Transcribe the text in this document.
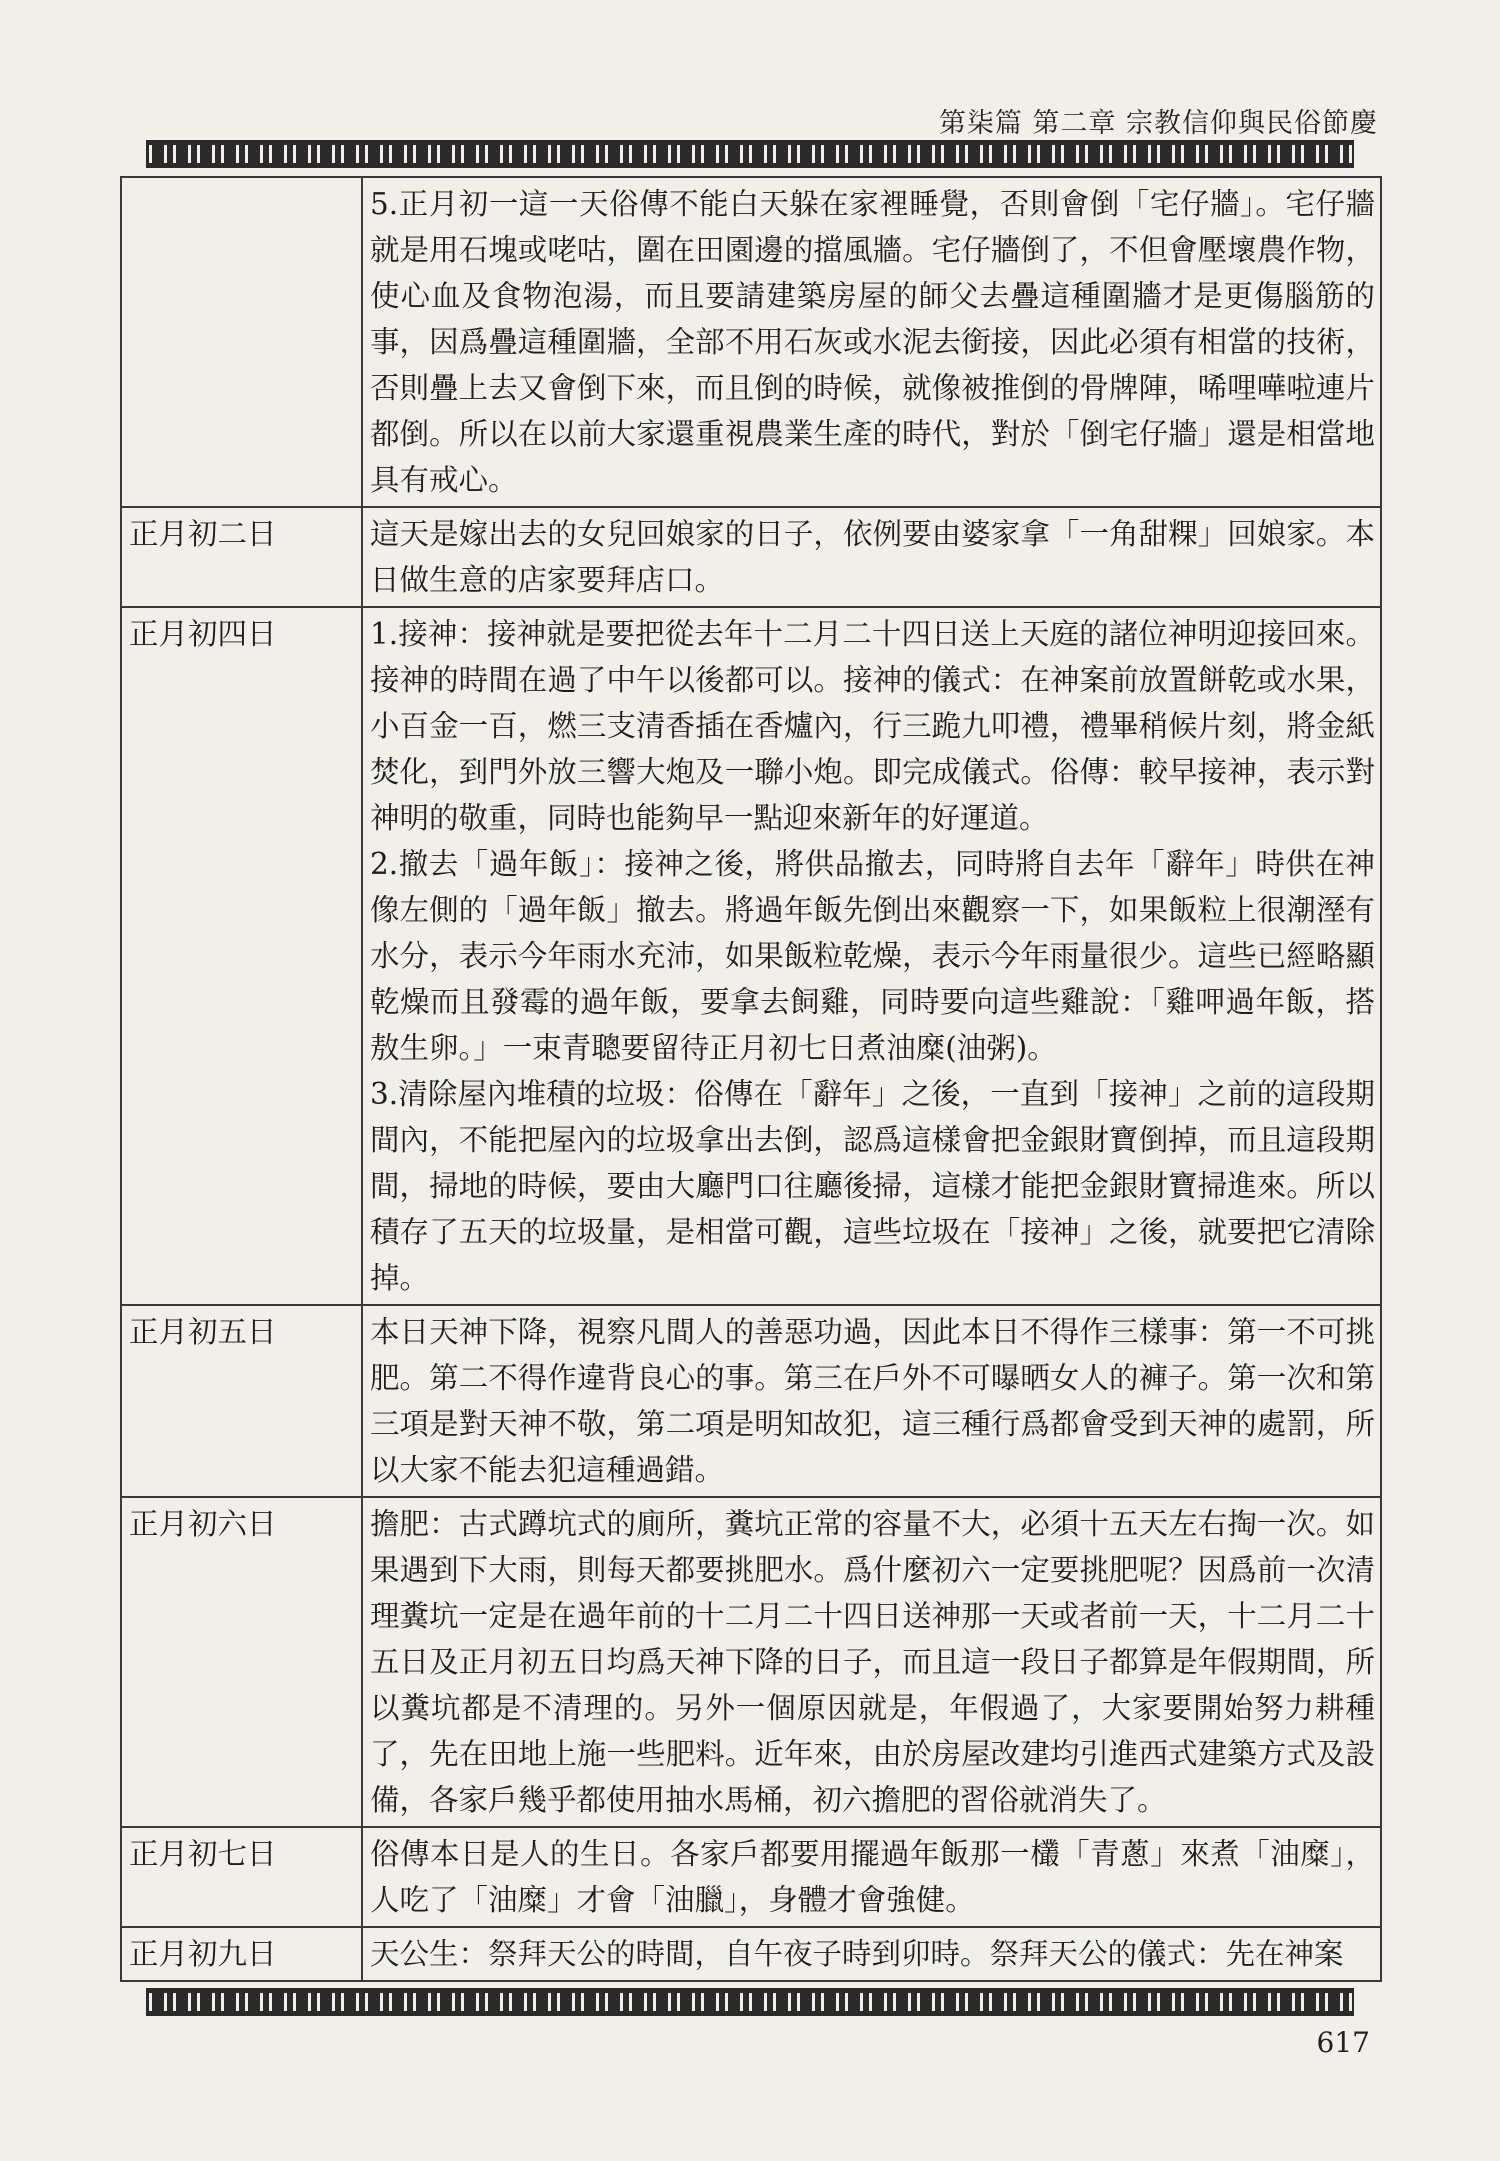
第柒篇 第二章 宗教信仰與民俗節慶

	5.正月初一這一天俗傳不能白天躲在家裡睡覺，否則會倒「宅仔牆」。宅仔牆就是用石塊或咾咕，圍在田園邊的擋風牆。宅仔牆倒了，不但會壓壞農作物，使心血及食物泡湯，而且要請建築房屋的師父去疊這種圍牆才是更傷腦筋的事，因爲疊這種圍牆，全部不用石灰或水泥去銜接，因此必須有相當的技術，否則疊上去又會倒下來，而且倒的時候，就像被推倒的骨牌陣，唏哩嘩啦連片都倒。所以在以前大家還重視農業生產的時代，對於「倒宅仔牆」還是相當地具有戒心。

正月初二日	這天是嫁出去的女兒回娘家的日子，依例要由婆家拿「一角甜粿」回娘家。本日做生意的店家要拜店口。

正月初四日	1.接神：接神就是要把從去年十二月二十四日送上天庭的諸位神明迎接回來。接神的時間在過了中午以後都可以。接神的儀式：在神案前放置餅乾或水果，小百金一百，燃三支清香插在香爐內，行三跪九叩禮，禮畢稍候片刻，將金紙焚化，到門外放三響大炮及一聯小炮。即完成儀式。俗傳：較早接神，表示對神明的敬重，同時也能夠早一點迎來新年的好運道。

2.撤去「過年飯」：接神之後，將供品撤去，同時將自去年「辭年」時供在神像左側的「過年飯」撤去。將過年飯先倒出來觀察一下，如果飯粒上很潮溼有水分，表示今年雨水充沛，如果飯粒乾燥，表示今年雨量很少。這些已經略顯乾燥而且發霉的過年飯，要拿去飼雞，同時要向這些雞說：「雞呷過年飯，搭敖生卵。」一束青聰要留待正月初七日煮油糜(油粥)。

3.清除屋內堆積的垃圾：俗傳在「辭年」之後，一直到「接神」之前的這段期間內，不能把屋內的垃圾拿出去倒，認爲這樣會把金銀財寶倒掉，而且這段期間，掃地的時候，要由大廳門口往廳後掃，這樣才能把金銀財寶掃進來。所以積存了五天的垃圾量，是相當可觀，這些垃圾在「接神」之後，就要把它清除掉。

正月初五日	本日天神下降，視察凡間人的善惡功過，因此本日不得作三樣事：第一不可挑肥。第二不得作違背良心的事。第三在戶外不可曝晒女人的褲子。第一次和第三項是對天神不敬，第二項是明知故犯，這三種行爲都會受到天神的處罰，所以大家不能去犯這種過錯。

正月初六日	擔肥：古式蹲坑式的廁所，糞坑正常的容量不大，必須十五天左右掏一次。如果遇到下大雨，則每天都要挑肥水。爲什麼初六一定要挑肥呢？因爲前一次清理糞坑一定是在過年前的十二月二十四日送神那一天或者前一天，十二月二十五日及正月初五日均爲天神下降的日子，而且這一段日子都算是年假期間，所以糞坑都是不清理的。另外一個原因就是，年假過了，大家要開始努力耕種了，先在田地上施一些肥料。近年來，由於房屋改建均引進西式建築方式及設備，各家戶幾乎都使用抽水馬桶，初六擔肥的習俗就消失了。

正月初七日	俗傳本日是人的生日。各家戶都要用擺過年飯那一欉「青蔥」來煮「油糜」，人吃了「油糜」才會「油臘」，身體才會強健。

正月初九日	天公生：祭拜天公的時間，自午夜子時到卯時。祭拜天公的儀式：先在神案

617
